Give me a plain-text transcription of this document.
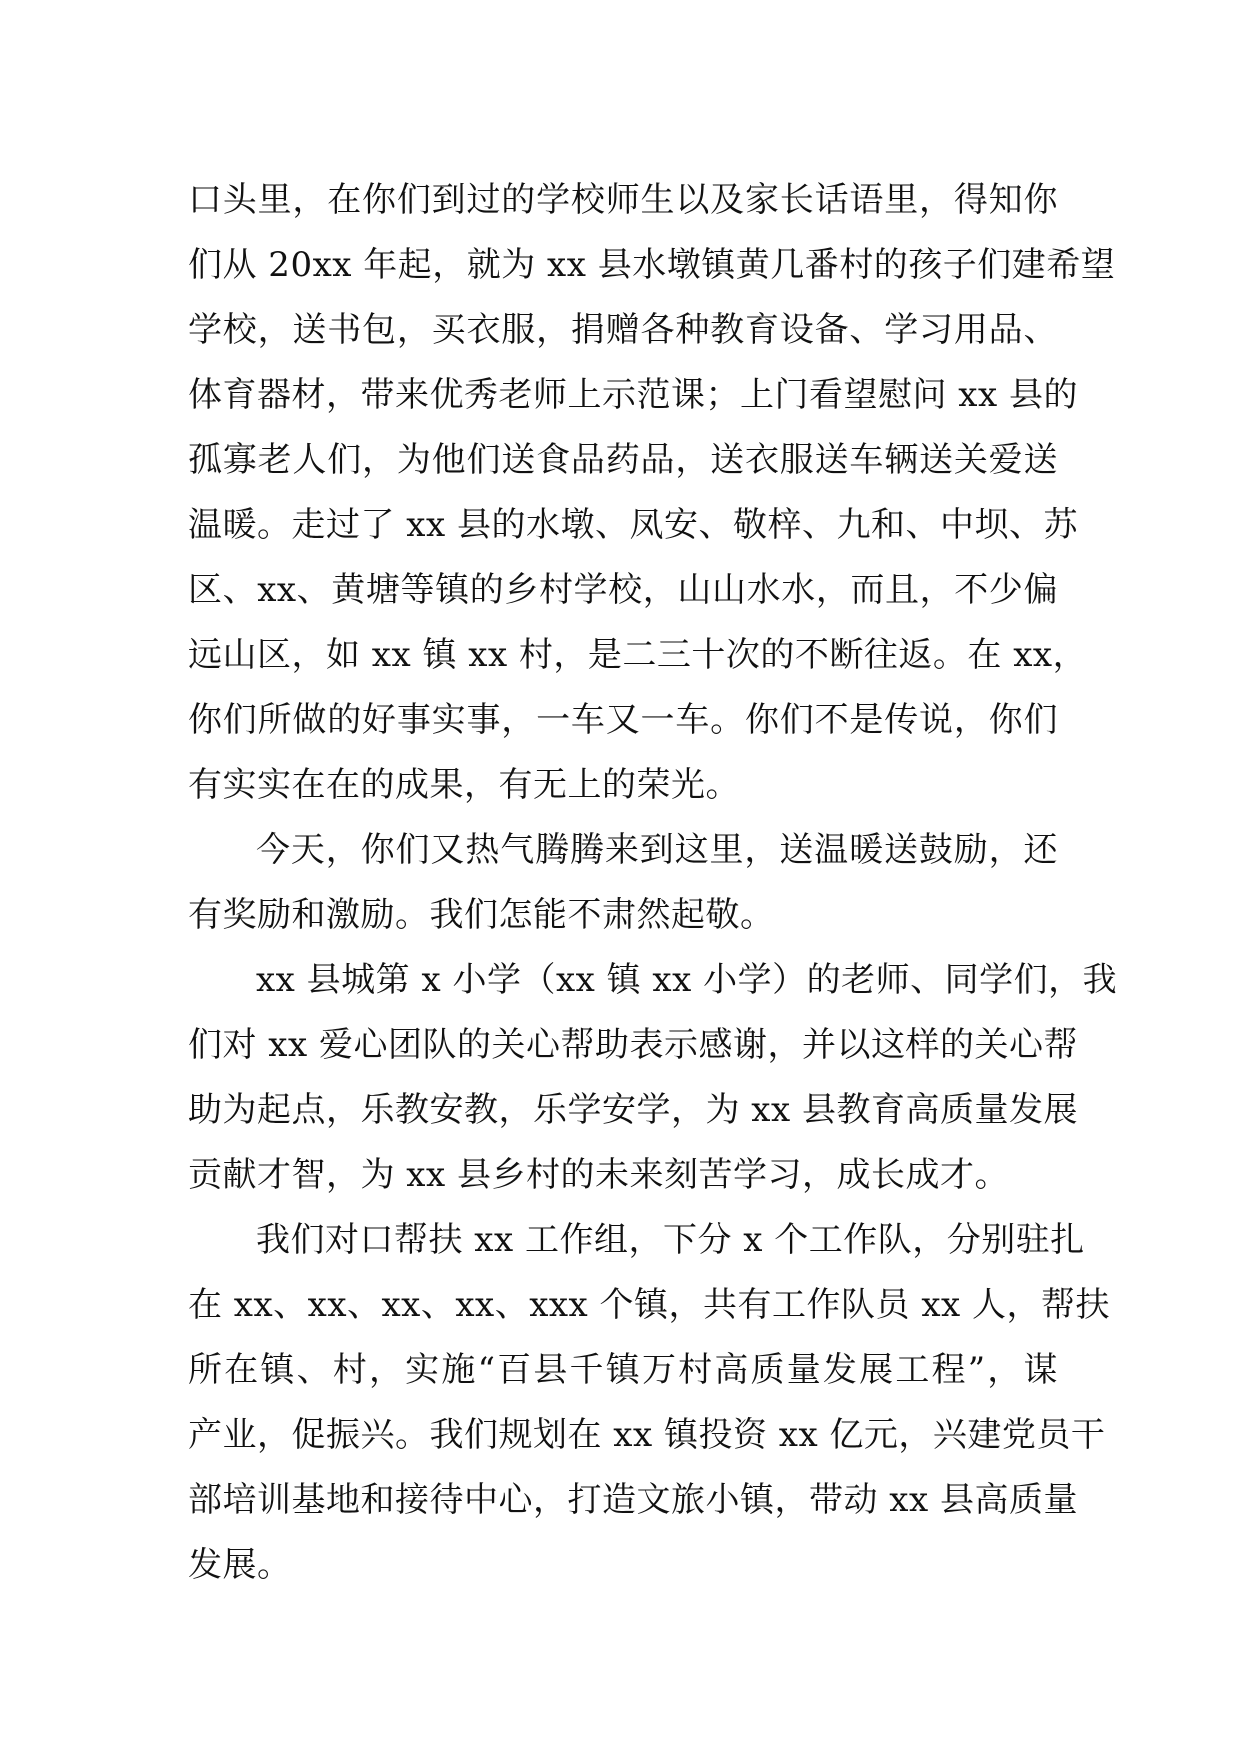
口头里，在你们到过的学校师生以及家长话语里，得知你
们从 20xx 年起，就为 xx 县水墩镇黄几番村的孩子们建希望
学校，送书包，买衣服，捐赠各种教育设备、学习用品、
体育器材，带来优秀老师上示范课；上门看望慰问 xx 县的
孤寡老人们，为他们送食品药品，送衣服送车辆送关爱送
温暖。走过了 xx 县的水墩、凤安、敬梓、九和、中坝、苏
区、xx、黄塘等镇的乡村学校，山山水水，而且，不少偏
远山区，如 xx 镇 xx 村，是二三十次的不断往返。在 xx，
你们所做的好事实事，一车又一车。你们不是传说，你们
有实实在在的成果，有无上的荣光。
今天，你们又热气腾腾来到这里，送温暖送鼓励，还
有奖励和激励。我们怎能不肃然起敬。
xx 县城第 x 小学（xx 镇 xx 小学）的老师、同学们，我
们对 xx 爱心团队的关心帮助表示感谢，并以这样的关心帮
助为起点，乐教安教，乐学安学，为 xx 县教育高质量发展
贡献才智，为 xx 县乡村的未来刻苦学习，成长成才。
我们对口帮扶 xx 工作组，下分 x 个工作队，分别驻扎
在 xx、xx、xx、xx、xxx 个镇，共有工作队员 xx 人，帮扶
所在镇、村，实施“百县千镇万村高质量发展工程”，谋
产业，促振兴。我们规划在 xx 镇投资 xx 亿元，兴建党员干
部培训基地和接待中心，打造文旅小镇，带动 xx 县高质量
发展。
